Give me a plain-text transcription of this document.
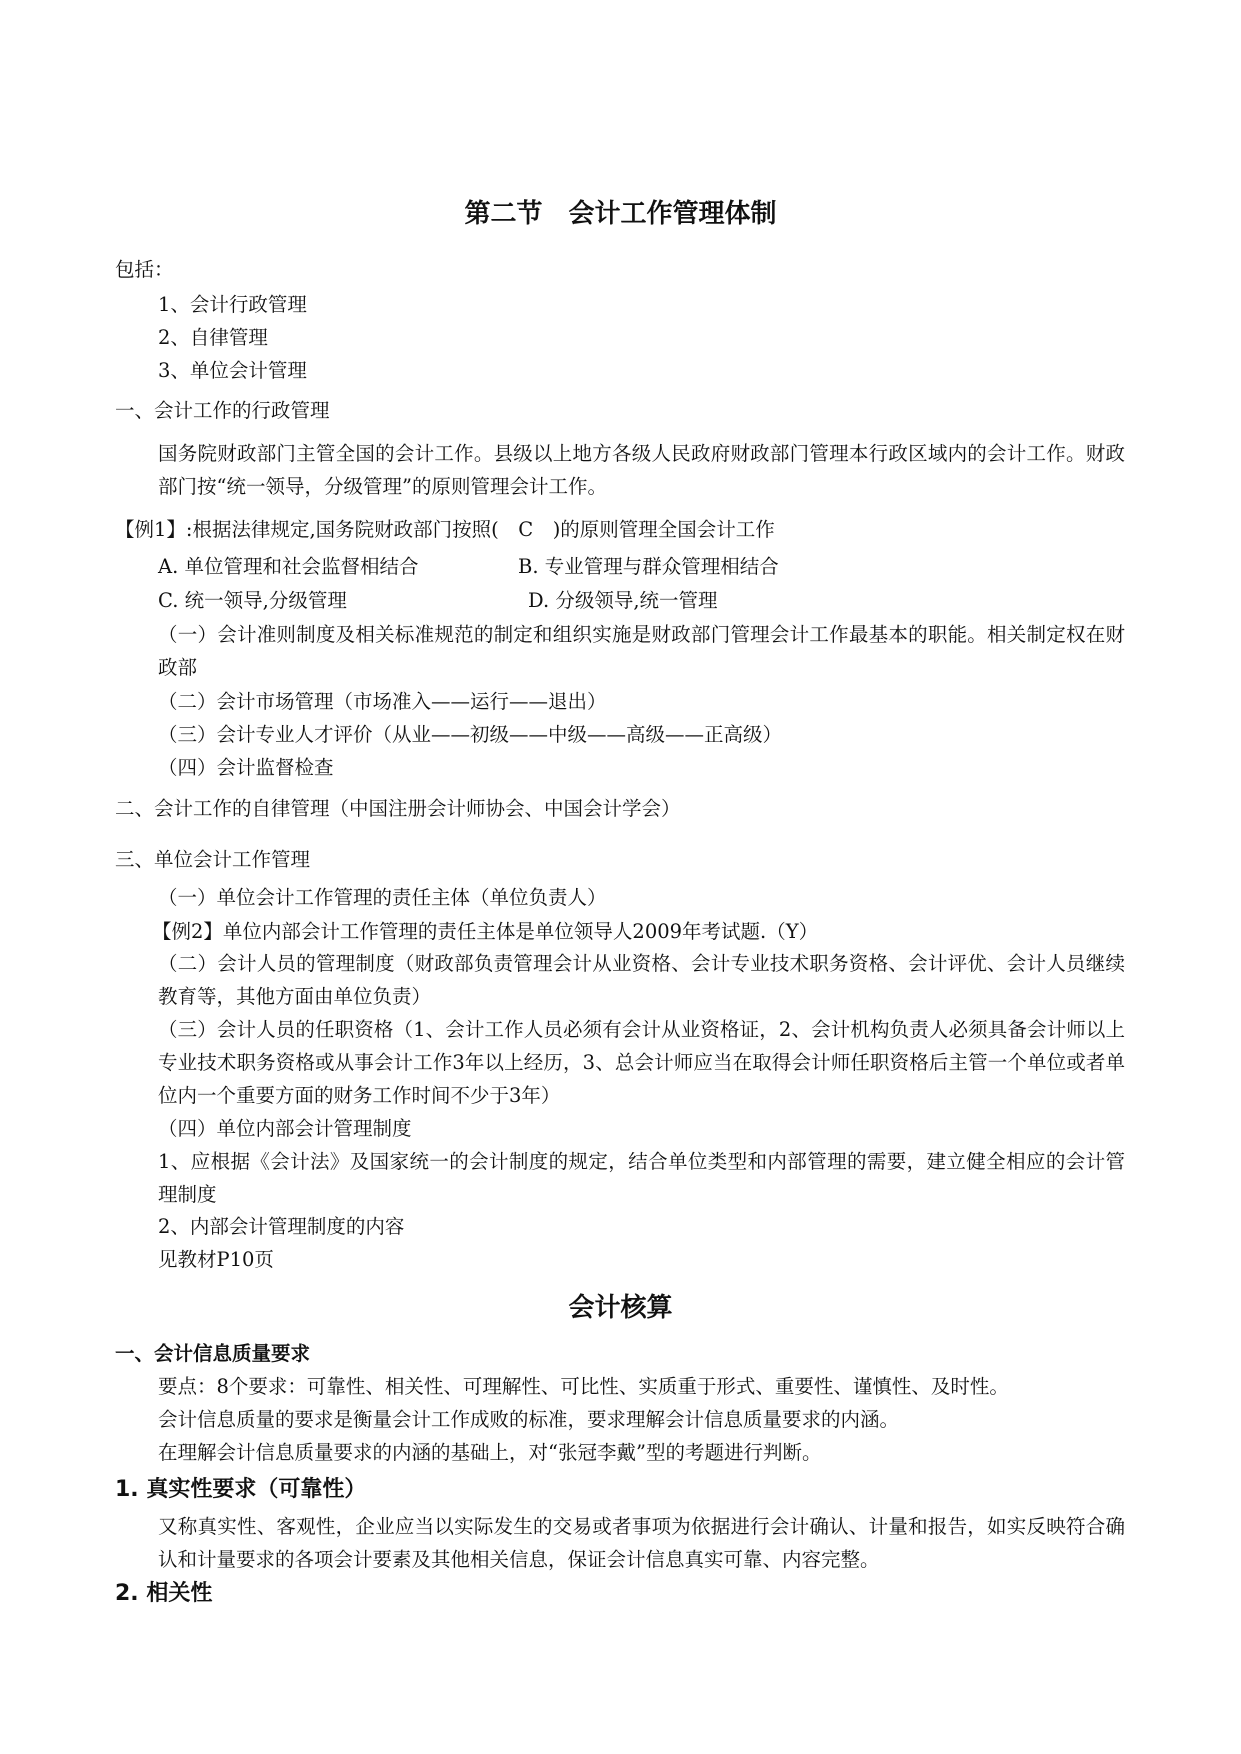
第二节　会计工作管理体制
包括：
1、会计行政管理
2、自律管理
3、单位会计管理
一、会计工作的行政管理
国务院财政部门主管全国的会计工作。县级以上地方各级人民政府财政部门管理本行政区域内的会计工作。财政部门按“统一领导，分级管理”的原则管理会计工作。
【例1】:根据法律规定,国务院财政部门按照(　C　)的原则管理全国会计工作
A. 单位管理和社会监督相结合	B. 专业管理与群众管理相结合
C. 统一领导,分级管理	D. 分级领导,统一管理
（一）会计准则制度及相关标准规范的制定和组织实施是财政部门管理会计工作最基本的职能。相关制定权在财政部
（二）会计市场管理（市场准入——运行——退出）
（三）会计专业人才评价（从业——初级——中级——高级——正高级）
（四）会计监督检查
二、会计工作的自律管理（中国注册会计师协会、中国会计学会）
三、单位会计工作管理
（一）单位会计工作管理的责任主体（单位负责人）
【例2】单位内部会计工作管理的责任主体是单位领导人2009年考试题.（Y）
（二）会计人员的管理制度（财政部负责管理会计从业资格、会计专业技术职务资格、会计评优、会计人员继续教育等，其他方面由单位负责）
（三）会计人员的任职资格（1、会计工作人员必须有会计从业资格证，2、会计机构负责人必须具备会计师以上专业技术职务资格或从事会计工作3年以上经历，3、总会计师应当在取得会计师任职资格后主管一个单位或者单位内一个重要方面的财务工作时间不少于3年）
（四）单位内部会计管理制度
1、应根据《会计法》及国家统一的会计制度的规定，结合单位类型和内部管理的需要，建立健全相应的会计管理制度
2、内部会计管理制度的内容
见教材P10页
会计核算
一、会计信息质量要求
要点：8个要求：可靠性、相关性、可理解性、可比性、实质重于形式、重要性、谨慎性、及时性。
会计信息质量的要求是衡量会计工作成败的标准，要求理解会计信息质量要求的内涵。
在理解会计信息质量要求的内涵的基础上，对“张冠李戴”型的考题进行判断。
1. 真实性要求（可靠性）
又称真实性、客观性，企业应当以实际发生的交易或者事项为依据进行会计确认、计量和报告，如实反映符合确认和计量要求的各项会计要素及其他相关信息，保证会计信息真实可靠、内容完整。
2. 相关性
